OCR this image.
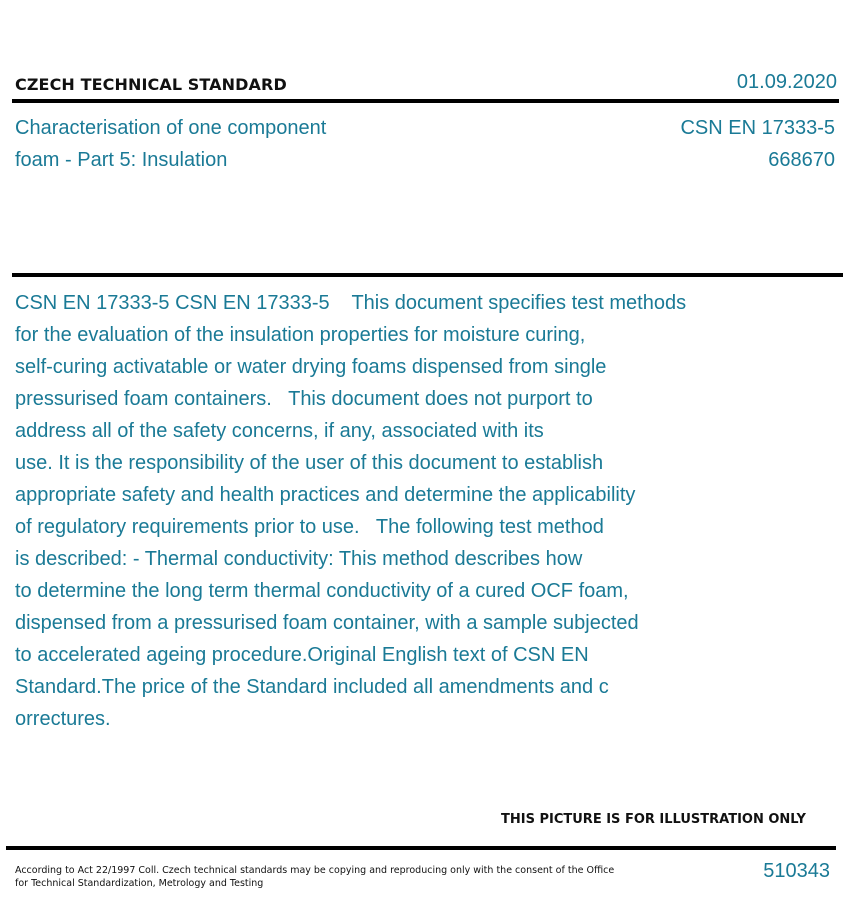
CZECH TECHNICAL STANDARD	01.09.2020
Characterisation of one component
foam - Part 5: Insulation
CSN EN 17333-5
668670
CSN EN 17333-5 CSN EN 17333-5    This document specifies test methods
for the evaluation of the insulation properties for moisture curing,
self-curing activatable or water drying foams dispensed from single
pressurised foam containers.   This document does not purport to
address all of the safety concerns, if any, associated with its
use. It is the responsibility of the user of this document to establish
appropriate safety and health practices and determine the applicability
of regulatory requirements prior to use.   The following test method
is described: - Thermal conductivity: This method describes how
to determine the long term thermal conductivity of a cured OCF foam,
dispensed from a pressurised foam container, with a sample subjected
to accelerated ageing procedure.Original English text of CSN EN
Standard.The price of the Standard included all amendments and c
orrectures.
THIS PICTURE IS FOR ILLUSTRATION ONLY
According to Act 22/1997 Coll. Czech technical standards may be copying and reproducing only with the consent of the Office
for Technical Standardization, Metrology and Testing
510343
